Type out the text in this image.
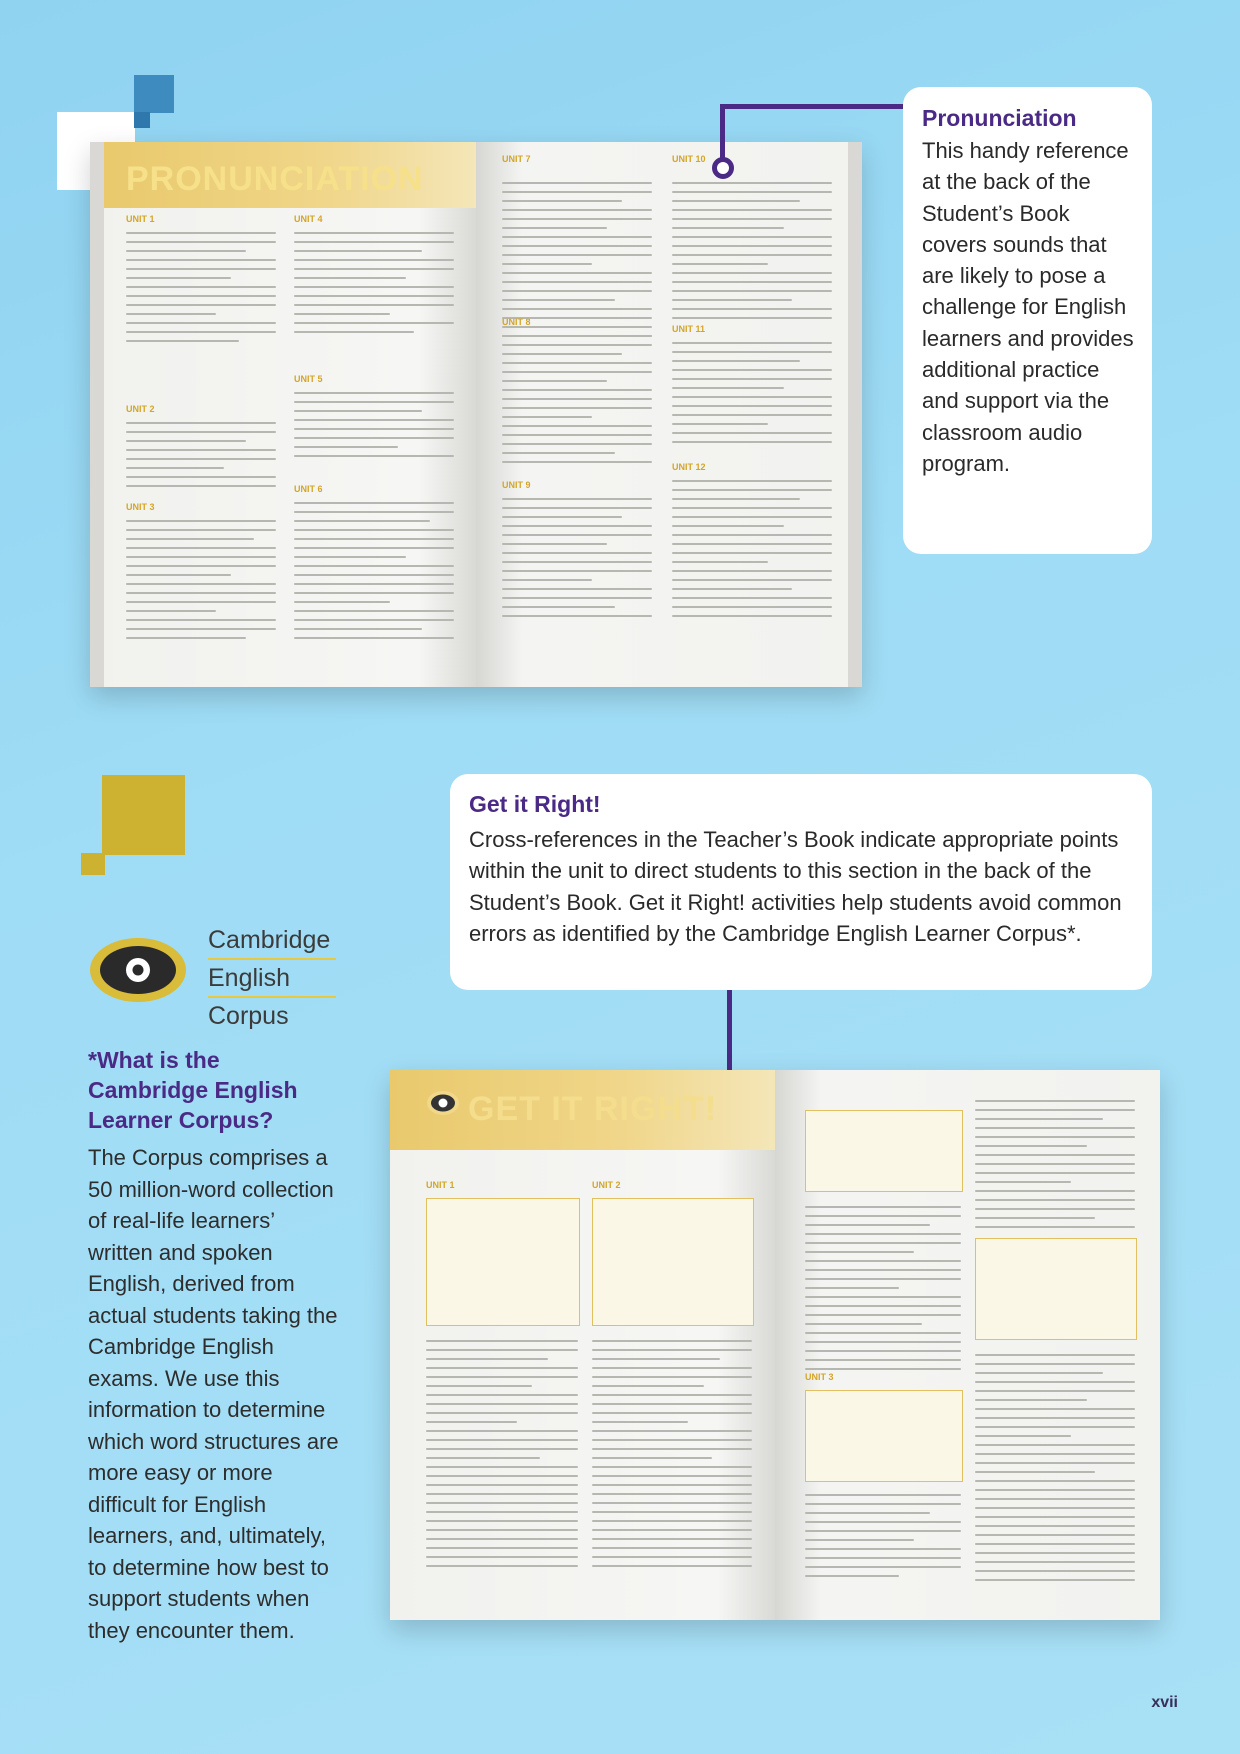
PRONUNCIATION
UNIT 1
UNIT 2
UNIT 3
UNIT 4
UNIT 5
UNIT 6
UNIT 7
UNIT 8
UNIT 9
UNIT 10
UNIT 11
UNIT 12
Pronunciation

This handy reference at the back of the Student’s Book covers sounds that are likely to pose a challenge for English learners and provides additional practice and support via the classroom audio program.

Get it Right!

Cross-references in the Teacher’s Book indicate appropriate points within the unit to direct students to this section in the back of the Student’s Book. Get it Right! activities help students avoid common errors as identified by the Cambridge English Learner Corpus*.

GET IT RIGHT!
UNIT 1	UNIT 2
UNIT 3
Cambridge
English
Corpus
*What is the Cambridge English Learner Corpus?
The Corpus comprises a 50 million-word collection of real-life learners’ written and spoken English, derived from actual students taking the Cambridge English exams. We use this information to determine which word structures are more easy or more difficult for English learners, and, ultimately, to determine how best to support students when they encounter them.
xvii
